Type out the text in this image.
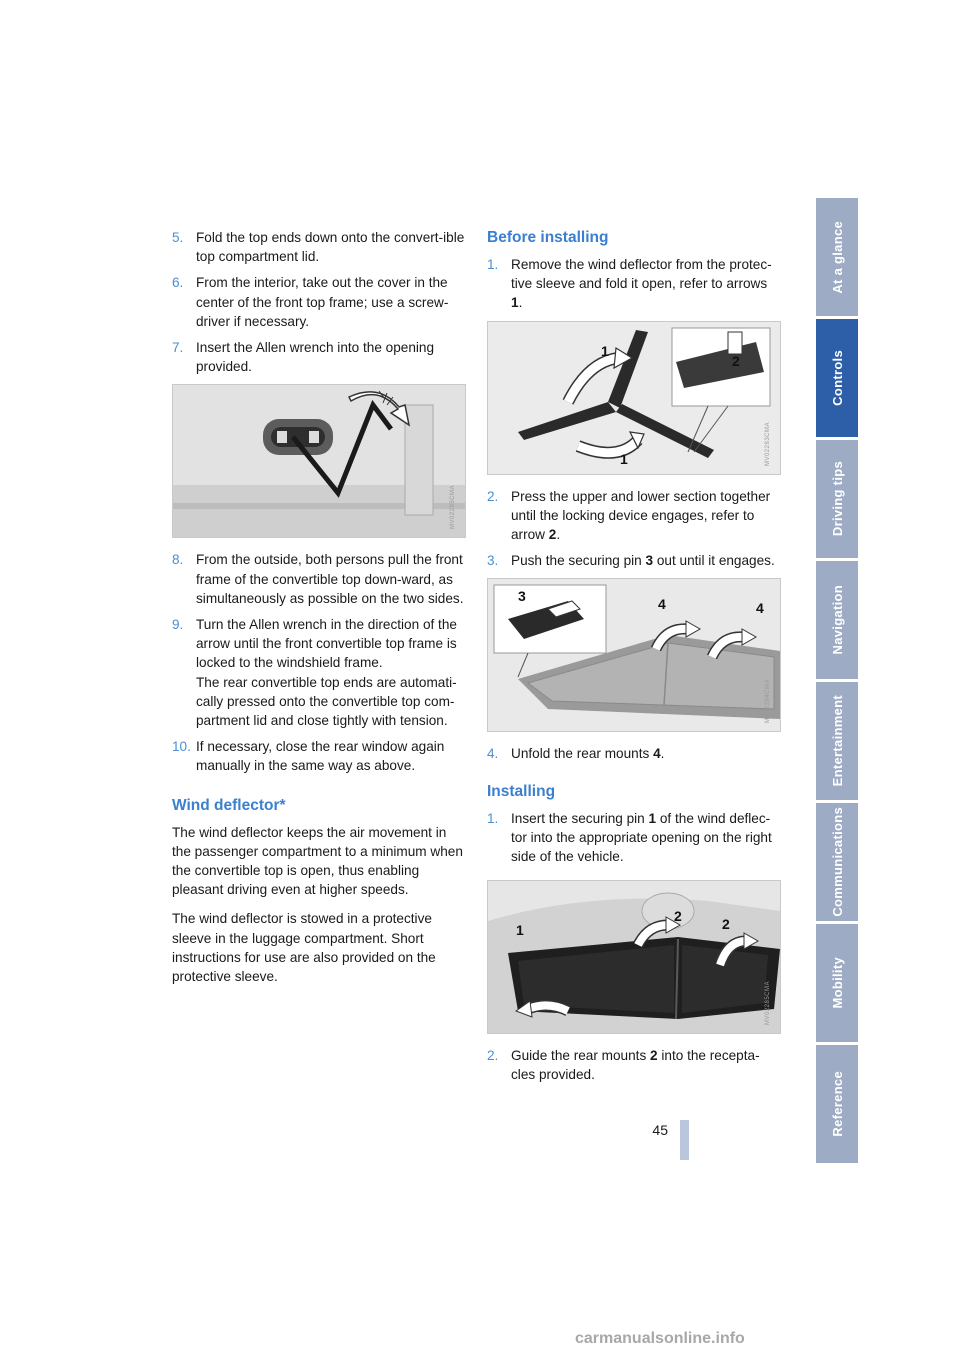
5. Fold the top ends down onto the convert-ible top compartment lid.
6. From the interior, take out the cover in the center of the front top frame; use a screw-driver if necessary.
7. Insert the Allen wrench into the opening provided.
MV02285CMA
8. From the outside, both persons pull the front frame of the convertible top down-ward, as simultaneously as possible on the two sides.
9. Turn the Allen wrench in the direction of the arrow until the front convertible top frame is locked to the windshield frame.
The rear convertible top ends are automati-cally pressed onto the convertible top com-partment lid and close tightly with tension.
10. If necessary, close the rear window again manually in the same way as above.
Wind deflector*

The wind deflector keeps the air movement in the passenger compartment to a minimum when the convertible top is open, thus enabling pleasant driving even at higher speeds.

The wind deflector is stowed in a protective sleeve in the luggage compartment. Short instructions for use are also provided on the protective sleeve.

Before installing
1. Remove the wind deflector from the protec-tive sleeve and fold it open, refer to arrows 1.
1
2
1	MV02283CMA
2. Press the upper and lower section together until the locking device engages, refer to arrow 2.
3. Push the securing pin 3 out until it engages.
3	4	4
MV02284CMA
4. Unfold the rear mounts 4.
Installing
1. Insert the securing pin 1 of the wind deflec-tor into the appropriate opening on the right side of the vehicle.
1
2	2
MV02285CMA
2. Guide the rear mounts 2 into the recepta-cles provided.
At a glance
Controls
Driving tips
Navigation
Entertainment
Communications
Mobility
Reference
45
carmanualsonline.info
